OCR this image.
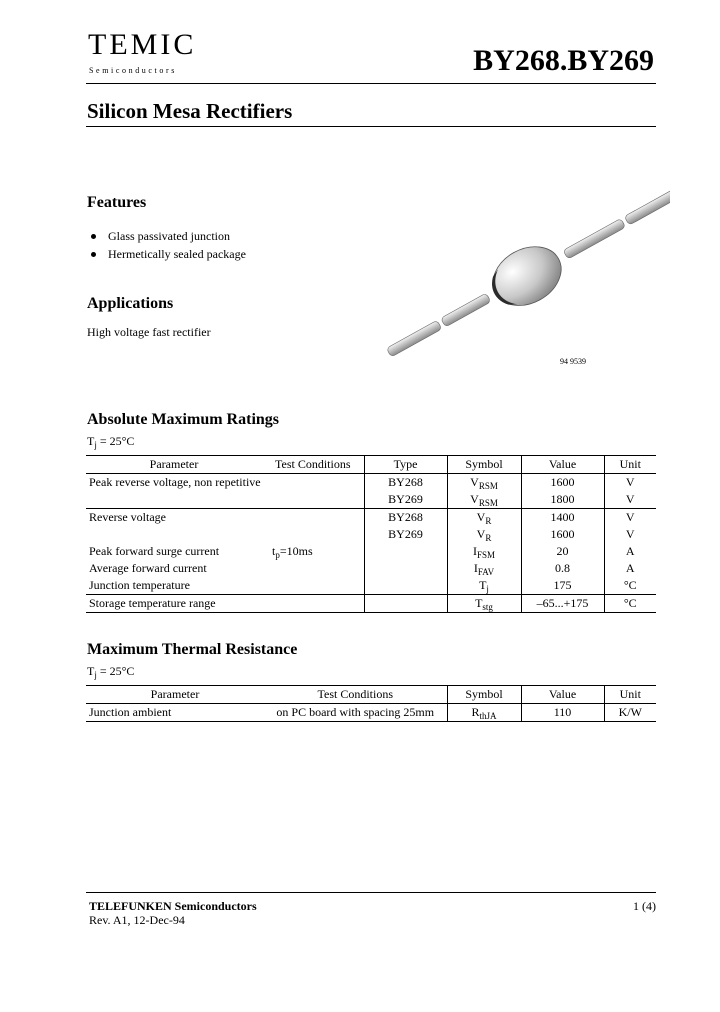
TEMIC
Semiconductors	BY268.BY269
Silicon Mesa Rectifiers
Features
Glass passivated junction
Hermetically sealed package
Applications
High voltage fast rectifier
94 9539
Absolute Maximum Ratings
$T_j = 25^\circ C$
Parameter	Test Conditions	Type	Symbol	Value	Unit
Peak reverse voltage, non repetitive		BY268	$V_{RSM}$	1600	V
		BY269	$V_{RSM}$	1800	V
Reverse voltage		BY268	$V_R$	1400	V
		BY269	$V_R$	1600	V
Peak forward surge current	$t_p=10ms$		$I_{FSM}$	20	A
Average forward current			$I_{FAV}$	0.8	A
Junction temperature			$T_j$	175	°C
Storage temperature range			$T_{stg}$	–65...+175	°C
Maximum Thermal Resistance
$T_j = 25^\circ C$
Parameter	Test Conditions	Symbol	Value	Unit
Junction ambient	on PC board with spacing 25mm	$R_{thJA}$	110	K/W
TELEFUNKEN Semiconductors
Rev. A1, 12-Dec-94
1 (4)
